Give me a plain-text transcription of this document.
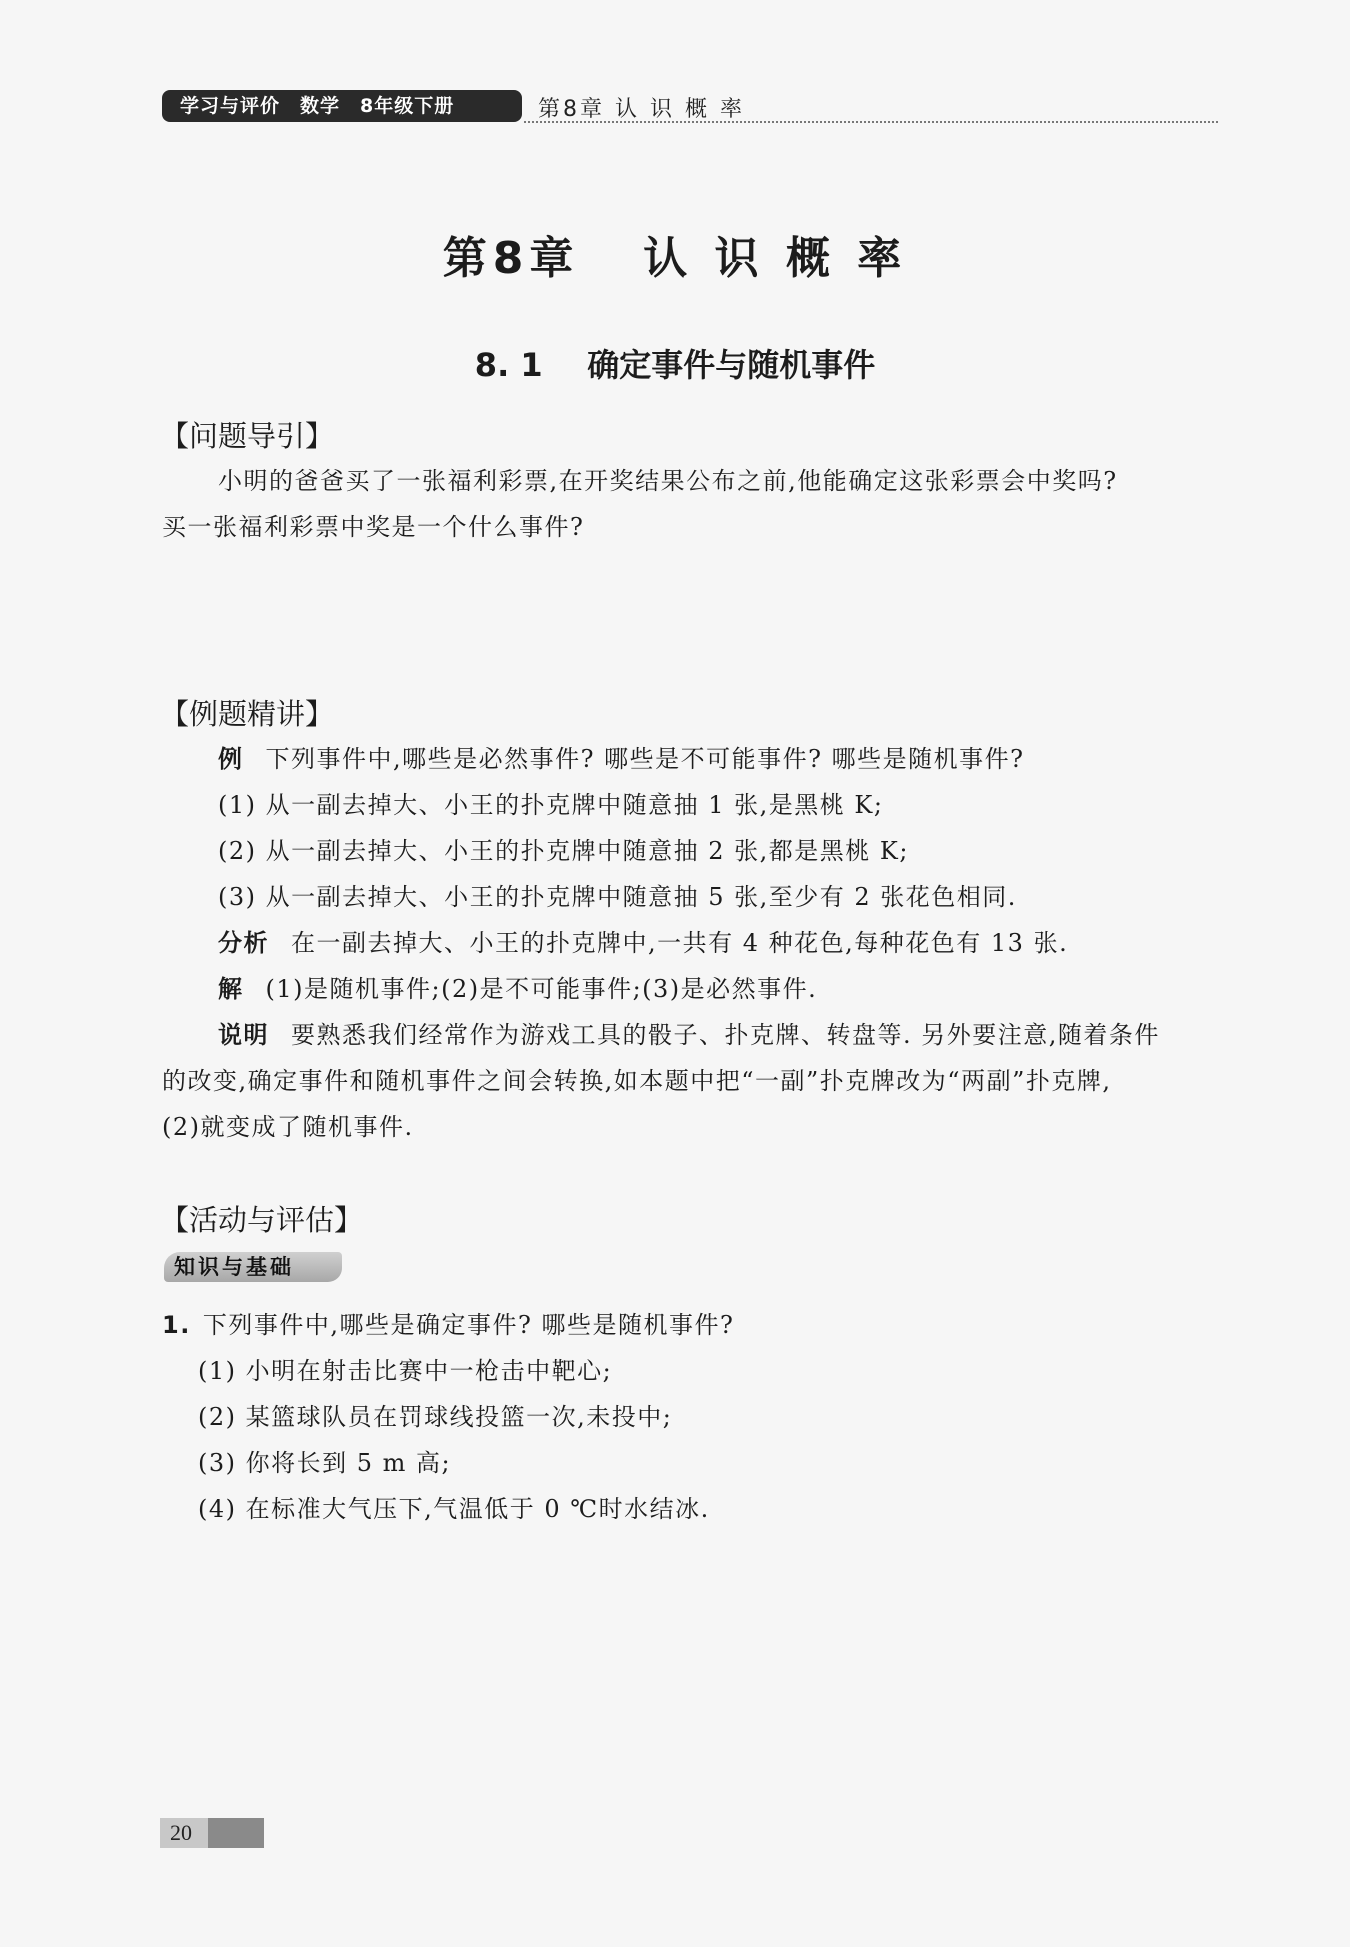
学习与评价 数学 8年级下册	第8章 认 识 概 率
第8章   认 识 概 率
8. 1    确定事件与随机事件
【问题导引】
小明的爸爸买了一张福利彩票,在开奖结果公布之前,他能确定这张彩票会中奖吗?
买一张福利彩票中奖是一个什么事件?
【例题精讲】
例 下列事件中,哪些是必然事件? 哪些是不可能事件? 哪些是随机事件?
(1) 从一副去掉大、小王的扑克牌中随意抽 1 张,是黑桃 K;
(2) 从一副去掉大、小王的扑克牌中随意抽 2 张,都是黑桃 K;
(3) 从一副去掉大、小王的扑克牌中随意抽 5 张,至少有 2 张花色相同.
分析 在一副去掉大、小王的扑克牌中,一共有 4 种花色,每种花色有 13 张.
解 (1)是随机事件;(2)是不可能事件;(3)是必然事件.
说明 要熟悉我们经常作为游戏工具的骰子、扑克牌、转盘等. 另外要注意,随着条件
的改变,确定事件和随机事件之间会转换,如本题中把“一副”扑克牌改为“两副”扑克牌,
(2)就变成了随机事件.
【活动与评估】
知识与基础
1. 下列事件中,哪些是确定事件? 哪些是随机事件?
(1) 小明在射击比赛中一枪击中靶心;
(2) 某篮球队员在罚球线投篮一次,未投中;
(3) 你将长到 5 m 高;
(4) 在标准大气压下,气温低于 0 ℃时水结冰.
20
